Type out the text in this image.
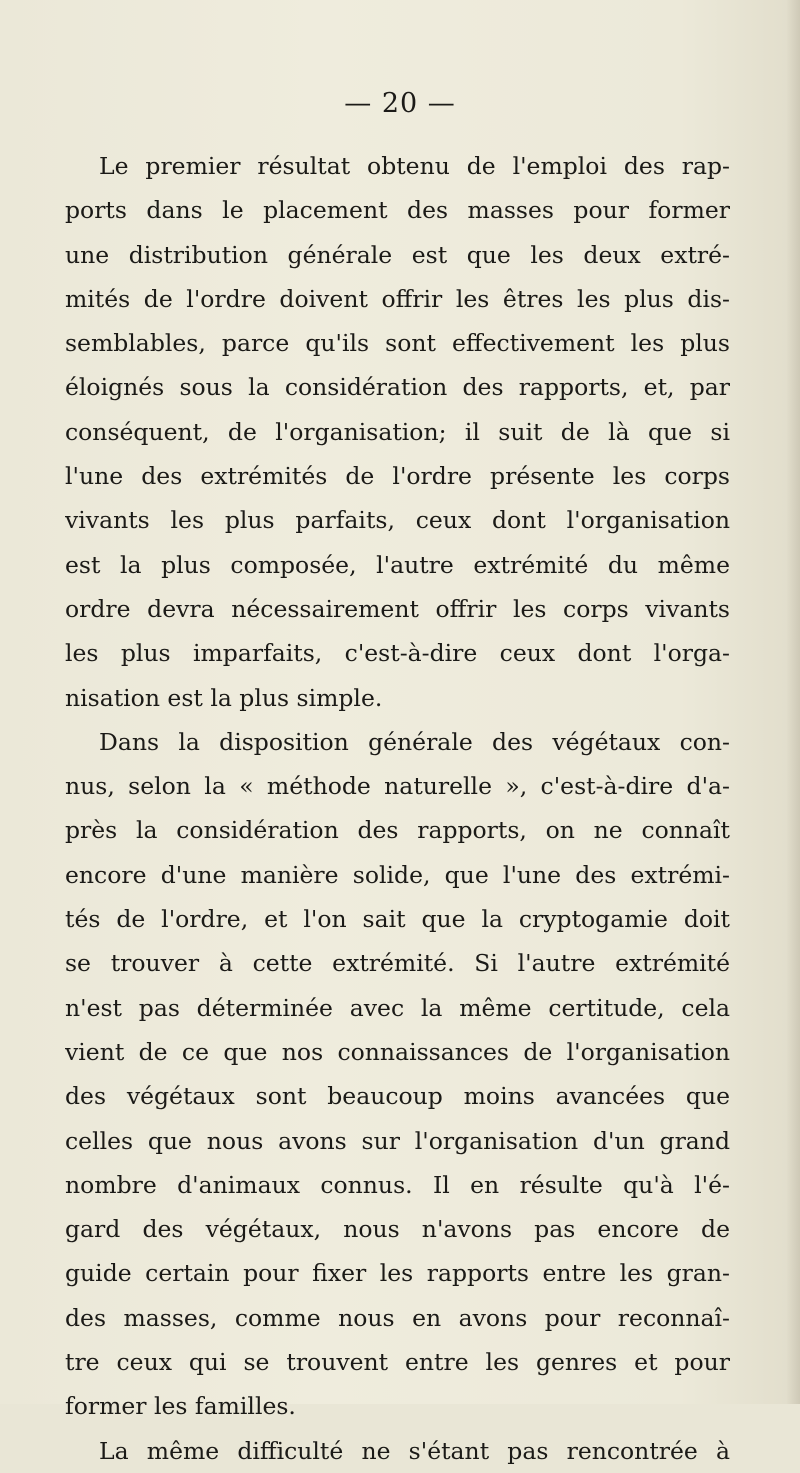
— 20 —
Le premier résultat obtenu de l'emploi des rap-
ports dans le placement des masses pour former
une distribution générale est que les deux extré-
mités de l'ordre doivent offrir les êtres les plus dis-
semblables, parce qu'ils sont effectivement les plus
éloignés sous la considération des rapports, et, par
conséquent, de l'organisation; il suit de là que si
l'une des extrémités de l'ordre présente les corps
vivants les plus parfaits, ceux dont l'organisation
est la plus composée, l'autre extrémité du même
ordre devra nécessairement offrir les corps vivants
les plus imparfaits, c'est-à-dire ceux dont l'orga-
nisation est la plus simple.
Dans la disposition générale des végétaux con-
nus, selon la « méthode naturelle », c'est-à-dire d'a-
près la considération des rapports, on ne connaît
encore d'une manière solide, que l'une des extrémi-
tés de l'ordre, et l'on sait que la cryptogamie doit
se trouver à cette extrémité. Si l'autre extrémité
n'est pas déterminée avec la même certitude, cela
vient de ce que nos connaissances de l'organisation
des végétaux sont beaucoup moins avancées que
celles que nous avons sur l'organisation d'un grand
nombre d'animaux connus. Il en résulte qu'à l'é-
gard des végétaux, nous n'avons pas encore de
guide certain pour fixer les rapports entre les gran-
des masses, comme nous en avons pour reconnaî-
tre ceux qui se trouvent entre les genres et pour
former les familles.
La même difficulté ne s'étant pas rencontrée à
